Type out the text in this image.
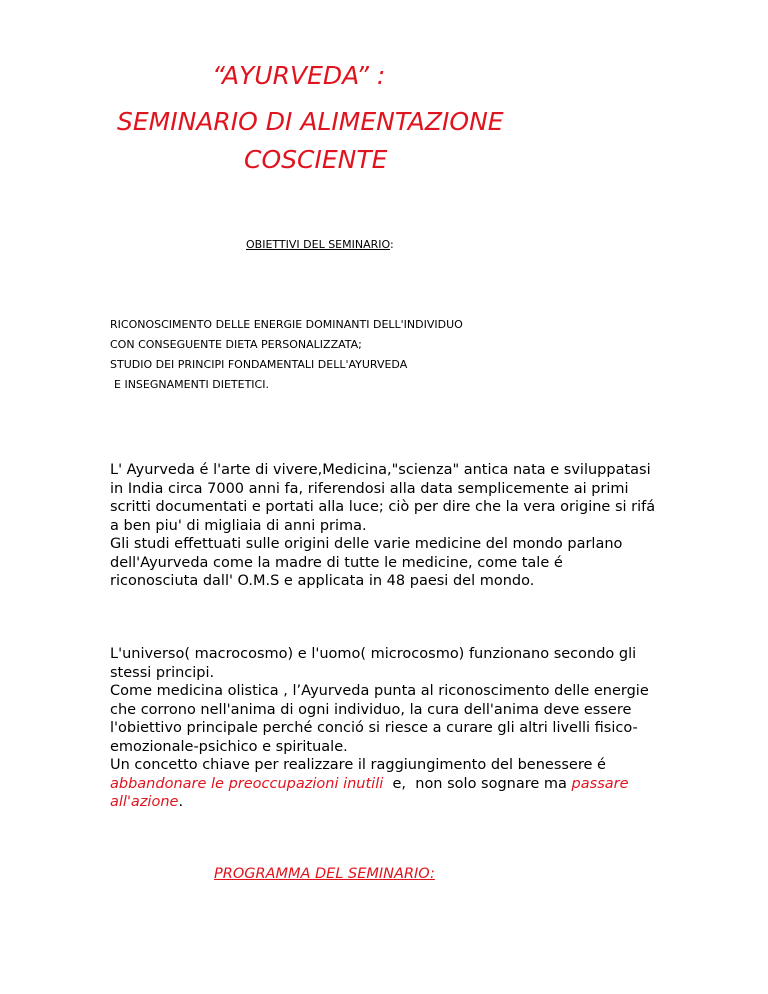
“AYURVEDA” :
SEMINARIO DI ALIMENTAZIONE
COSCIENTE
OBIETTIVI DEL SEMINARIO:
RICONOSCIMENTO DELLE ENERGIE DOMINANTI DELL'INDIVIDUO
CON CONSEGUENTE DIETA PERSONALIZZATA;
STUDIO DEI PRINCIPI FONDAMENTALI DELL'AYURVEDA
E INSEGNAMENTI DIETETICI.

L' Ayurveda é l'arte di vivere,Medicina,"scienza" antica nata e sviluppatasi
in India circa 7000 anni fa, riferendosi alla data semplicemente ai primi
scritti documentati e portati alla luce; ciò per dire che la vera origine si rifá
a ben piu' di migliaia di anni prima.
Gli studi effettuati sulle origini delle varie medicine del mondo parlano
dell'Ayurveda come la madre di tutte le medicine, come tale é
riconosciuta dall' O.M.S e applicata in 48 paesi del mondo.

L'universo( macrocosmo) e l'uomo( microcosmo) funzionano secondo gli
stessi principi.
Come medicina olistica , l’Ayurveda punta al riconoscimento delle energie
che corrono nell'anima di ogni individuo, la cura dell'anima deve essere
l'obiettivo principale perché conció si riesce a curare gli altri livelli fisico-
emozionale-psichico e spirituale.
Un concetto chiave per realizzare il raggiungimento del benessere é
abbandonare le preoccupazioni inutili  e,  non solo sognare ma passare
all'azione.

PROGRAMMA DEL SEMINARIO:
